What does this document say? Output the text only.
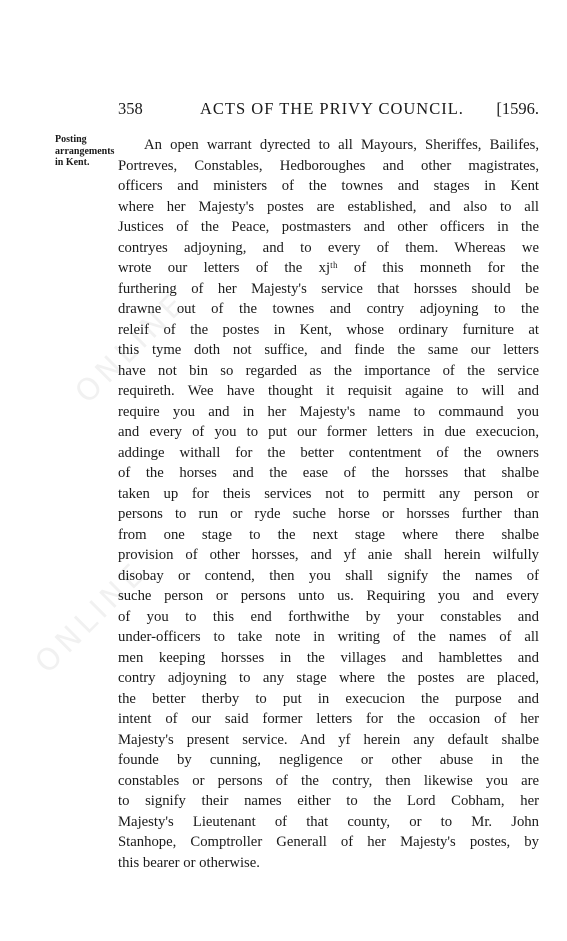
ONLINE
ONLINE
358	ACTS OF THE PRIVY COUNCIL. [1596.
Posting
arrangements
in Kent.
An open warrant dyrected to all Mayours, Sheriffes, Bailifes,
Portreves, Constables, Hedboroughes and other magistrates,
officers and ministers of the townes and stages in Kent
where her Majesty's postes are established, and also to all
Justices of the Peace, postmasters and other officers in the
contryes adjoyning, and to every of them. Whereas we
wrote our letters of the xjᵗʰ of this monneth for the
furthering of her Majesty's service that horsses should be
drawne out of the townes and contry adjoyning to the
releif of the postes in Kent, whose ordinary furniture at
this tyme doth not suffice, and finde the same our letters
have not bin so regarded as the importance of the service
requireth. Wee have thought it requisit againe to will and
require you and in her Majesty's name to commaund you
and every of you to put our former letters in due execucion,
addinge withall for the better contentment of the owners
of the horses and the ease of the horsses that shalbe
taken up for theis services not to permitt any person or
persons to run or ryde suche horse or horsses further than
from one stage to the next stage where there shalbe
provision of other horsses, and yf anie shall herein wilfully
disobay or contend, then you shall signify the names of
suche person or persons unto us. Requiring you and every
of you to this end forthwithe by your constables and
under-officers to take note in writing of the names of all
men keeping horsses in the villages and hamblettes and
contry adjoyning to any stage where the postes are placed,
the better therby to put in execucion the purpose and
intent of our said former letters for the occasion of her
Majesty's present service. And yf herein any default shalbe
founde by cunning, negligence or other abuse in the
constables or persons of the contry, then likewise you are
to signify their names either to the Lord Cobham, her
Majesty's Lieutenant of that county, or to Mr. John
Stanhope, Comptroller Generall of her Majesty's postes, by
this bearer or otherwise.
